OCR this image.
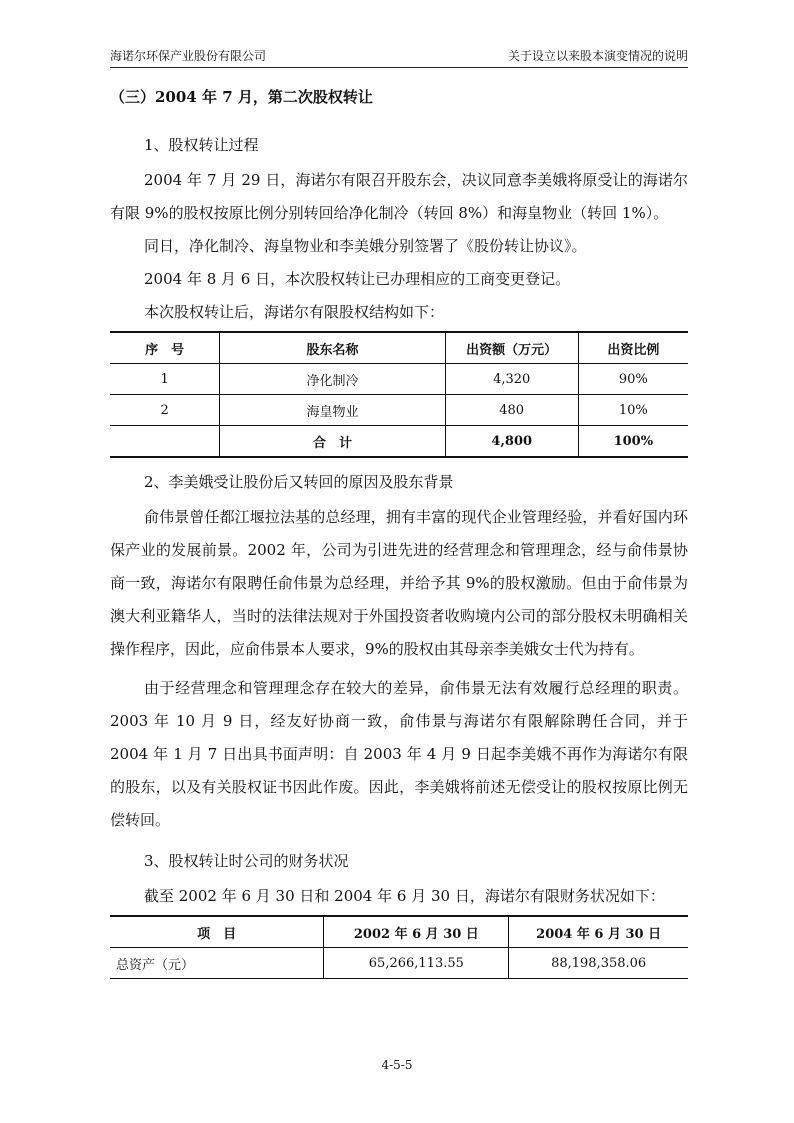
海诺尔环保产业股份有限公司	关于设立以来股本演变情况的说明
（三）2004 年 7 月，第二次股权转让

1、股权转让过程

2004 年 7 月 29 日，海诺尔有限召开股东会，决议同意李美娥将原受让的海诺尔有限 9%的股权按原比例分别转回给净化制冷（转回 8%）和海皇物业（转回 1%）。

同日，净化制冷、海皇物业和李美娥分别签署了《股份转让协议》。

2004 年 8 月 6 日，本次股权转让已办理相应的工商变更登记。

本次股权转让后，海诺尔有限股权结构如下：

序　号	股东名称	出资额（万元）	出资比例
1	净化制冷	4,320	90%
2	海皇物业	480	10%
	合　计	4,800	100%

2、李美娥受让股份后又转回的原因及股东背景

俞伟景曾任都江堰拉法基的总经理，拥有丰富的现代企业管理经验，并看好国内环保产业的发展前景。2002 年，公司为引进先进的经营理念和管理理念，经与俞伟景协商一致，海诺尔有限聘任俞伟景为总经理，并给予其 9%的股权激励。但由于俞伟景为澳大利亚籍华人，当时的法律法规对于外国投资者收购境内公司的部分股权未明确相关操作程序，因此，应俞伟景本人要求，9%的股权由其母亲李美娥女士代为持有。

由于经营理念和管理理念存在较大的差异，俞伟景无法有效履行总经理的职责。2003 年 10 月 9 日，经友好协商一致，俞伟景与海诺尔有限解除聘任合同，并于 2004 年 1 月 7 日出具书面声明：自 2003 年 4 月 9 日起李美娥不再作为海诺尔有限的股东，以及有关股权证书因此作废。因此，李美娥将前述无偿受让的股权按原比例无偿转回。

3、股权转让时公司的财务状况

截至 2002 年 6 月 30 日和 2004 年 6 月 30 日，海诺尔有限财务状况如下：

项　目	2002 年 6 月 30 日	2004 年 6 月 30 日
总资产（元）	65,266,113.55	88,198,358.06
4-5-5
